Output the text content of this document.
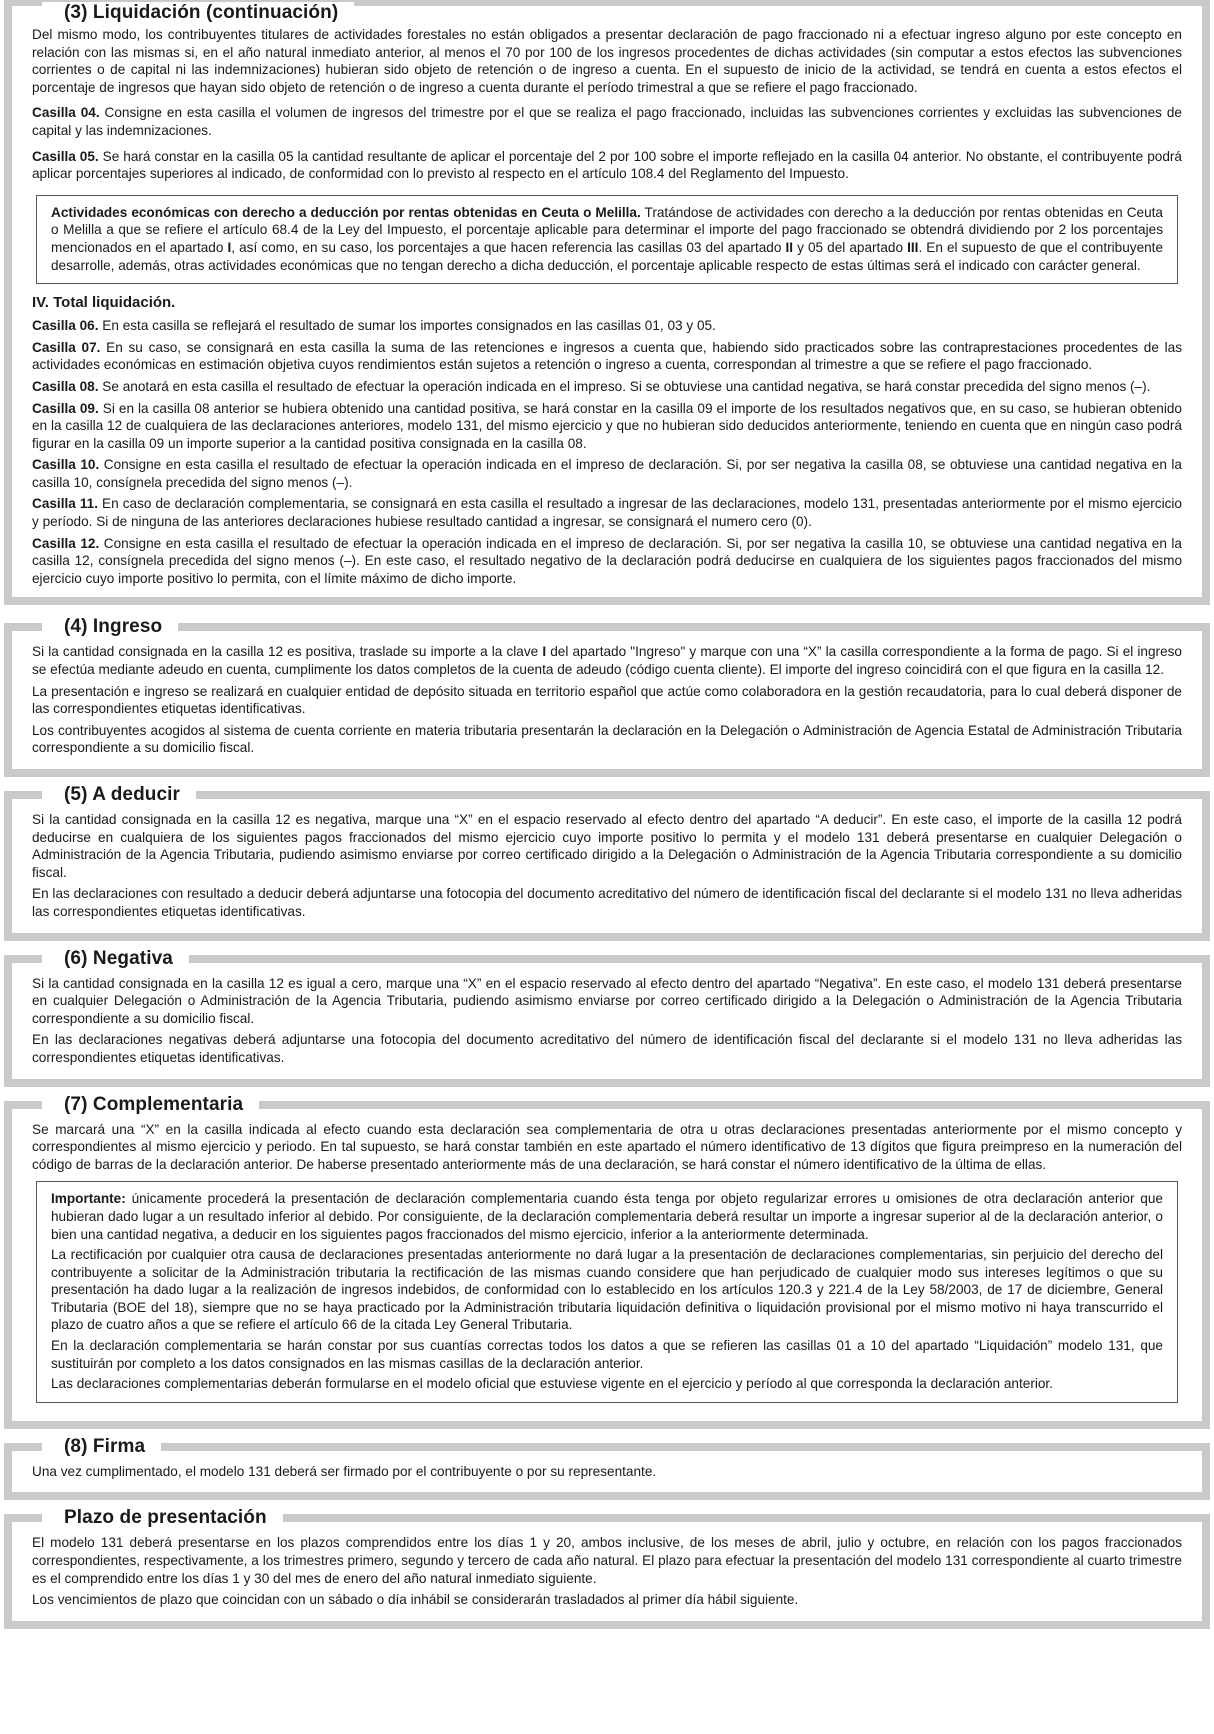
(3) Liquidación (continuación)

Del mismo modo, los contribuyentes titulares de actividades forestales no están obligados a presentar declaración de pago fraccionado ni a efectuar ingreso alguno por este concepto en relación con las mismas si, en el año natural inmediato anterior, al menos el 70 por 100 de los ingresos procedentes de dichas actividades (sin computar a estos efectos las subvenciones corrientes o de capital ni las indemnizaciones) hubieran sido objeto de retención o de ingreso a cuenta. En el supuesto de inicio de la actividad, se tendrá en cuenta a estos efectos el porcentaje de ingresos que hayan sido objeto de retención o de ingreso a cuenta durante el período trimestral a que se refiere el pago fraccionado.

Casilla 04. Consigne en esta casilla el volumen de ingresos del trimestre por el que se realiza el pago fraccionado, incluidas las subvenciones corrientes y excluidas las subvenciones de capital y las indemnizaciones.

Casilla 05. Se hará constar en la casilla 05 la cantidad resultante de aplicar el porcentaje del 2 por 100 sobre el importe reflejado en la casilla 04 anterior. No obstante, el contribuyente podrá aplicar porcentajes superiores al indicado, de conformidad con lo previsto al respecto en el artículo 108.4 del Reglamento del Impuesto.

Actividades económicas con derecho a deducción por rentas obtenidas en Ceuta o Melilla. Tratándose de actividades con derecho a la deducción por rentas obtenidas en Ceuta o Melilla a que se refiere el artículo 68.4 de la Ley del Impuesto, el porcentaje aplicable para determinar el importe del pago fraccionado se obtendrá dividiendo por 2 los porcentajes mencionados en el apartado I, así como, en su caso, los porcentajes a que hacen referencia las casillas 03 del apartado II y 05 del apartado III. En el supuesto de que el contribuyente desarrolle, además, otras actividades económicas que no tengan derecho a dicha deducción, el porcentaje aplicable respecto de estas últimas será el indicado con carácter general.

IV. Total liquidación.

Casilla 06. En esta casilla se reflejará el resultado de sumar los importes consignados en las casillas 01, 03 y 05.

Casilla 07. En su caso, se consignará en esta casilla la suma de las retenciones e ingresos a cuenta que, habiendo sido practicados sobre las contraprestaciones procedentes de las actividades económicas en estimación objetiva cuyos rendimientos están sujetos a retención o ingreso a cuenta, correspondan al trimestre a que se refiere el pago fraccionado.

Casilla 08. Se anotará en esta casilla el resultado de efectuar la operación indicada en el impreso. Si se obtuviese una cantidad negativa, se hará constar precedida del signo menos (–).

Casilla 09. Si en la casilla 08 anterior se hubiera obtenido una cantidad positiva, se hará constar en la casilla 09 el importe de los resultados negativos que, en su caso, se hubieran obtenido en la casilla 12 de cualquiera de las declaraciones anteriores, modelo 131, del mismo ejercicio y que no hubieran sido deducidos anteriormente, teniendo en cuenta que en ningún caso podrá figurar en la casilla 09 un importe superior a la cantidad positiva consignada en la casilla 08.

Casilla 10. Consigne en esta casilla el resultado de efectuar la operación indicada en el impreso de declaración. Si, por ser negativa la casilla 08, se obtuviese una cantidad negativa en la casilla 10, consígnela precedida del signo menos (–).

Casilla 11. En caso de declaración complementaria, se consignará en esta casilla el resultado a ingresar de las declaraciones, modelo 131, presentadas anteriormente por el mismo ejercicio y período. Si de ninguna de las anteriores declaraciones hubiese resultado cantidad a ingresar, se consignará el numero cero (0).

Casilla 12. Consigne en esta casilla el resultado de efectuar la operación indicada en el impreso de declaración. Si, por ser negativa la casilla 10, se obtuviese una cantidad negativa en la casilla 12, consígnela precedida del signo menos (–). En este caso, el resultado negativo de la declaración podrá deducirse en cualquiera de los siguientes pagos fraccionados del mismo ejercicio cuyo importe positivo lo permita, con el límite máximo de dicho importe.

(4) Ingreso

Si la cantidad consignada en la casilla 12 es positiva, traslade su importe a la clave I del apartado "Ingreso" y marque con una “X” la casilla correspondiente a la forma de pago. Si el ingreso se efectúa mediante adeudo en cuenta, cumplimente los datos completos de la cuenta de adeudo (código cuenta cliente). El importe del ingreso coincidirá con el que figura en la casilla 12.

La presentación e ingreso se realizará en cualquier entidad de depósito situada en territorio español que actúe como colaboradora en la gestión recaudatoria, para lo cual deberá disponer de las correspondientes etiquetas identificativas.

Los contribuyentes acogidos al sistema de cuenta corriente en materia tributaria presentarán la declaración en la Delegación o Administración de Agencia Estatal de Administración Tributaria correspondiente a su domicilio fiscal.

(5) A deducir

Si la cantidad consignada en la casilla 12 es negativa, marque una “X” en el espacio reservado al efecto dentro del apartado “A deducir”. En este caso, el importe de la casilla 12 podrá deducirse en cualquiera de los siguientes pagos fraccionados del mismo ejercicio cuyo importe positivo lo permita y el modelo 131 deberá presentarse en cualquier Delegación o Administración de la Agencia Tributaria, pudiendo asimismo enviarse por correo certificado dirigido a la Delegación o Administración de la Agencia Tributaria correspondiente a su domicilio fiscal.

En las declaraciones con resultado a deducir deberá adjuntarse una fotocopia del documento acreditativo del número de identificación fiscal del declarante si el modelo 131 no lleva adheridas las correspondientes etiquetas identificativas.

(6) Negativa

Si la cantidad consignada en la casilla 12 es igual a cero, marque una “X” en el espacio reservado al efecto dentro del apartado “Negativa”. En este caso, el modelo 131 deberá presentarse en cualquier Delegación o Administración de la Agencia Tributaria, pudiendo asimismo enviarse por correo certificado dirigido a la Delegación o Administración de la Agencia Tributaria correspondiente a su domicilio fiscal.

En las declaraciones negativas deberá adjuntarse una fotocopia del documento acreditativo del número de identificación fiscal del declarante si el modelo 131 no lleva adheridas las correspondientes etiquetas identificativas.

(7) Complementaria

Se marcará una “X” en la casilla indicada al efecto cuando esta declaración sea complementaria de otra u otras declaraciones presentadas anteriormente por el mismo concepto y correspondientes al mismo ejercicio y periodo. En tal supuesto, se hará constar también en este apartado el número identificativo de 13 dígitos que figura preimpreso en la numeración del código de barras de la declaración anterior. De haberse presentado anteriormente más de una declaración, se hará constar el número identificativo de la última de ellas.

Importante: únicamente procederá la presentación de declaración complementaria cuando ésta tenga por objeto regularizar errores u omisiones de otra declaración anterior que hubieran dado lugar a un resultado inferior al debido. Por consiguiente, de la declaración complementaria deberá resultar un importe a ingresar superior al de la declaración anterior, o bien una cantidad negativa, a deducir en los siguientes pagos fraccionados del mismo ejercicio, inferior a la anteriormente determinada.

La rectificación por cualquier otra causa de declaraciones presentadas anteriormente no dará lugar a la presentación de declaraciones complementarias, sin perjuicio del derecho del contribuyente a solicitar de la Administración tributaria la rectificación de las mismas cuando considere que han perjudicado de cualquier modo sus intereses legítimos o que su presentación ha dado lugar a la realización de ingresos indebidos, de conformidad con lo establecido en los artículos 120.3 y 221.4 de la Ley 58/2003, de 17 de diciembre, General Tributaria (BOE del 18), siempre que no se haya practicado por la Administración tributaria liquidación definitiva o liquidación provisional por el mismo motivo ni haya transcurrido el plazo de cuatro años a que se refiere el artículo 66 de la citada Ley General Tributaria.

En la declaración complementaria se harán constar por sus cuantías correctas todos los datos a que se refieren las casillas 01 a 10 del apartado “Liquidación” modelo 131, que sustituirán por completo a los datos consignados en las mismas casillas de la declaración anterior.

Las declaraciones complementarias deberán formularse en el modelo oficial que estuviese vigente en el ejercicio y período al que corresponda la declaración anterior.

(8) Firma

Una vez cumplimentado, el modelo 131 deberá ser firmado por el contribuyente o por su representante.

Plazo de presentación

El modelo 131 deberá presentarse en los plazos comprendidos entre los días 1 y 20, ambos inclusive, de los meses de abril, julio y octubre, en relación con los pagos fraccionados correspondientes, respectivamente, a los trimestres primero, segundo y tercero de cada año natural. El plazo para efectuar la presentación del modelo 131 correspondiente al cuarto trimestre es el comprendido entre los días 1 y 30 del mes de enero del año natural inmediato siguiente.

Los vencimientos de plazo que coincidan con un sábado o día inhábil se considerarán trasladados al primer día hábil siguiente.
